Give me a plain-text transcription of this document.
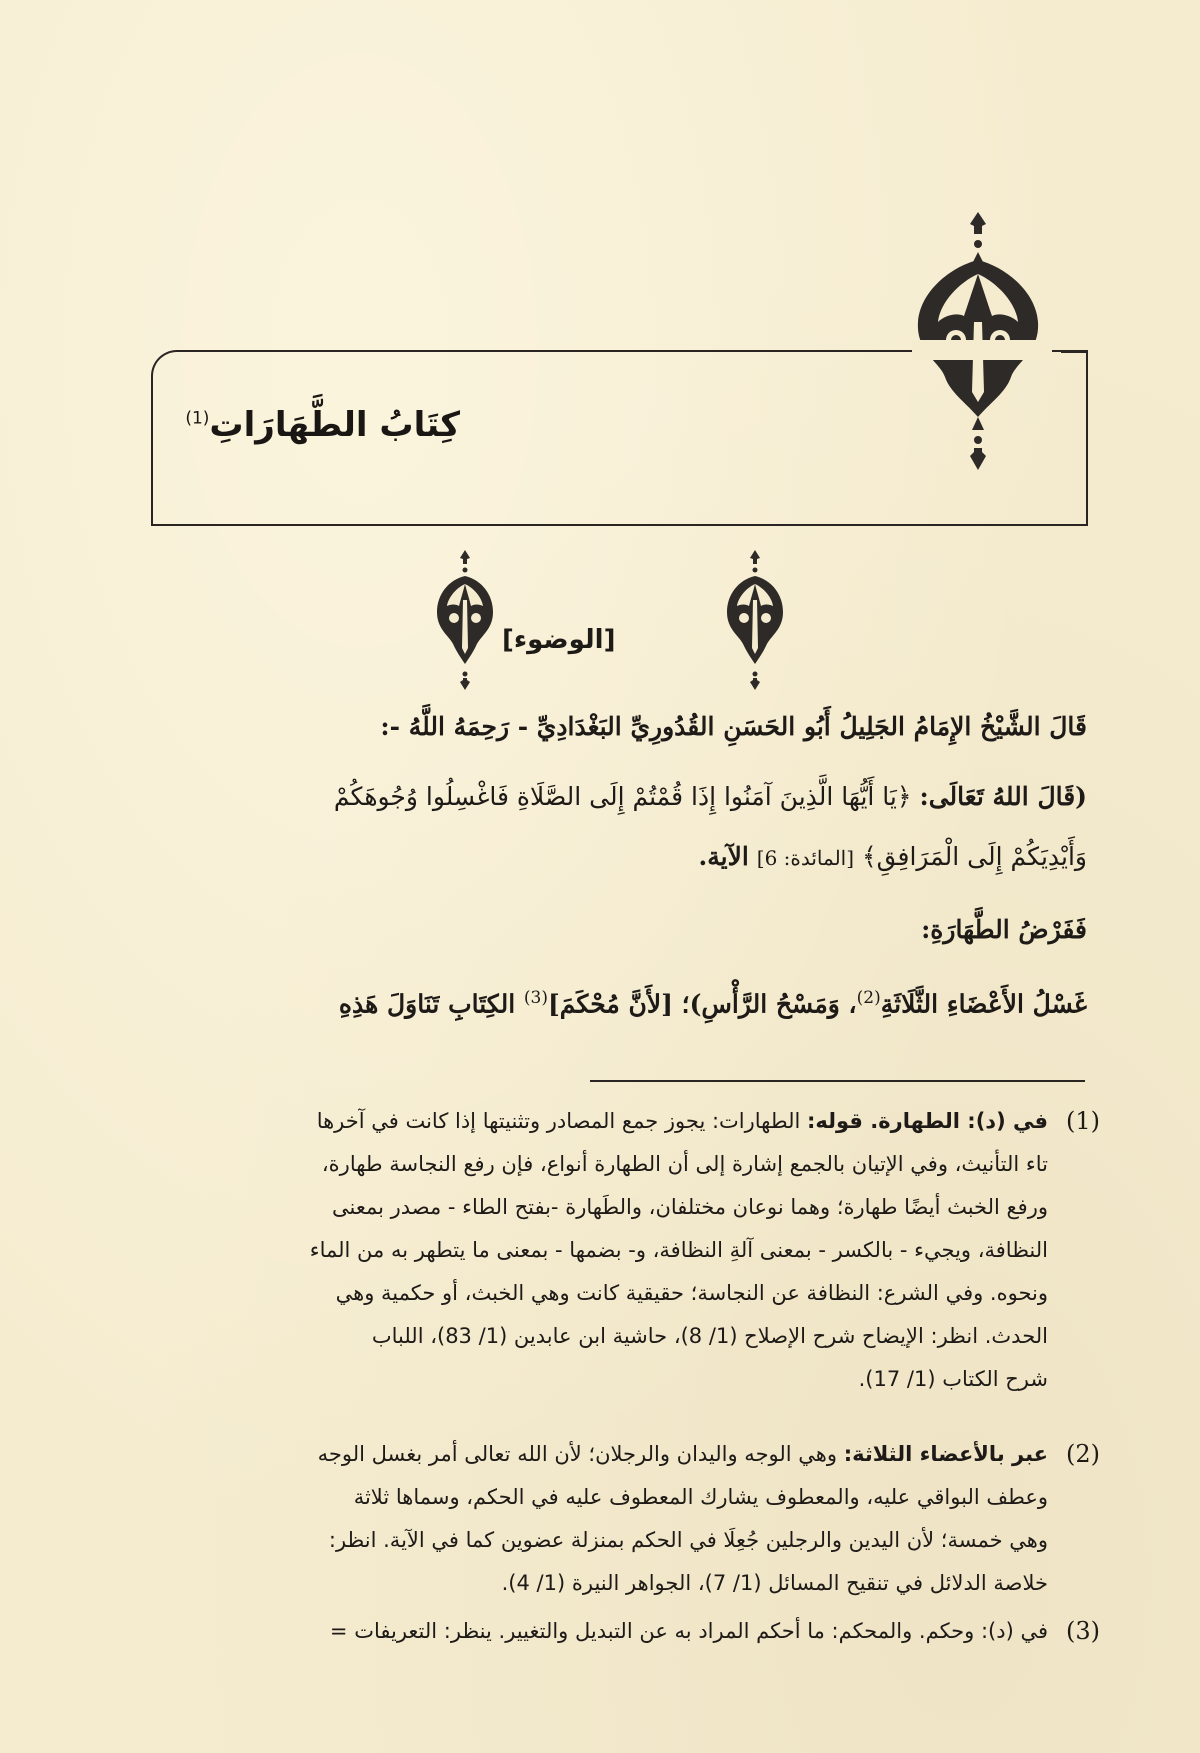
كِتَابُ الطَّهَارَاتِ$^{(1)}$
[الوضوء]
قَالَ الشَّيْخُ الإِمَامُ الجَلِيلُ أَبُو الحَسَنِ القُدُورِيِّ البَغْدَادِيِّ - رَحِمَهُ اللَّهُ -:
(قَالَ اللهُ تَعَالَى: ﴿يَا أَيُّهَا الَّذِينَ آمَنُوا إِذَا قُمْتُمْ إِلَى الصَّلَاةِ فَاغْسِلُوا وُجُوهَكُمْ
وَأَيْدِيَكُمْ إِلَى الْمَرَافِقِ﴾ [المائدة: 6] الآية.
فَفَرْضُ الطَّهَارَةِ:
غَسْلُ الأَعْضَاءِ الثَّلَاثَةِ$^{(2)}$، وَمَسْحُ الرَّأْسِ)؛ [لأَنَّ مُحْكَمَ]$^{(3)}$ الكِتَابِ تَنَاوَلَ هَذِهِ
(1)
في (د): الطهارة. قوله: الطهارات: يجوز جمع المصادر وتثنيتها إذا كانت في آخرها
تاء التأنيث، وفي الإتيان بالجمع إشارة إلى أن الطهارة أنواع، فإن رفع النجاسة طهارة،
ورفع الخبث أيضًا طهارة؛ وهما نوعان مختلفان، والطَهارة -بفتح الطاء - مصدر بمعنى
النظافة، ويجيء - بالكسر - بمعنى آلةِ النظافة، و- بضمها - بمعنى ما يتطهر به من الماء
ونحوه. وفي الشرع: النظافة عن النجاسة؛ حقيقية كانت وهي الخبث، أو حكمية وهي
الحدث. انظر: الإيضاح شرح الإصلاح (1/ 8)، حاشية ابن عابدين (1/ 83)، اللباب
شرح الكتاب (1/ 17).
(2)
عبر بالأعضاء الثلاثة: وهي الوجه واليدان والرجلان؛ لأن الله تعالى أمر بغسل الوجه
وعطف البواقي عليه، والمعطوف يشارك المعطوف عليه في الحكم، وسماها ثلاثة
وهي خمسة؛ لأن اليدين والرجلين جُعِلَا في الحكم بمنزلة عضوين كما في الآية. انظر:
خلاصة الدلائل في تنقيح المسائل (1/ 7)، الجواهر النيرة (1/ 4).
(3)
في (د): وحكم. والمحكم: ما أحكم المراد به عن التبديل والتغيير. ينظر: التعريفات =
